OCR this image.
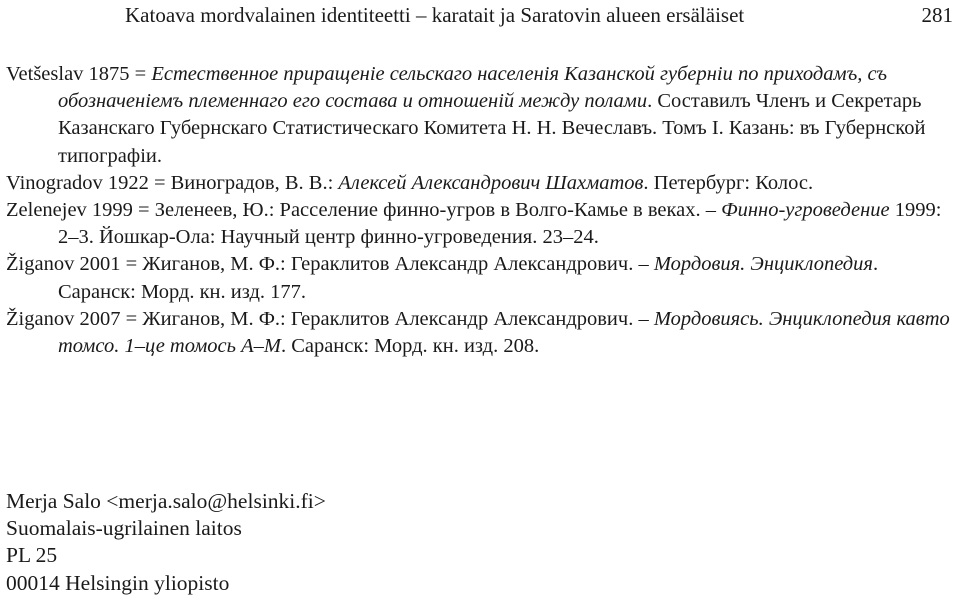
Katoava mordvalainen identiteetti – karatait ja Saratovin alueen ersäläiset	281

Vetšeslav 1875 = Естественное приращеніе сельскаго населенія Казанской губерніи по приходамъ, съ обозначеніемъ племеннаго его состава и отношеній между полами. Составилъ Членъ и Секретарь Казанскаго Губернскаго Статистическаго Комитета Н. Н. Вечеславъ. Томъ I. Казань: въ Губернской типографіи.

Vinogradov 1922 = Виноградов, В. В.: Алексей Александрович Шахматов. Петербург: Колос.

Zelenejev 1999 = Зеленеев, Ю.: Расселение финно-угров в Волго-Камье в веках. – Финно-угроведение 1999: 2–3. Йошкар-Ола: Научный центр финно-угроведения. 23–24.

Žiganov 2001 = Жиганов, М. Ф.: Гераклитов Александр Александрович. – Мордовия. Энциклопедия. Саранск: Морд. кн. изд. 177.

Žiganov 2007 = Жиганов, М. Ф.: Гераклитов Александр Александрович. – Мордовиясь. Энциклопедия кавто томсо. 1–це томось А–М. Саранск: Морд. кн. изд. 208.

Merja Salo <merja.salo@helsinki.fi>
Suomalais-ugrilainen laitos
PL 25
00014 Helsingin yliopisto
